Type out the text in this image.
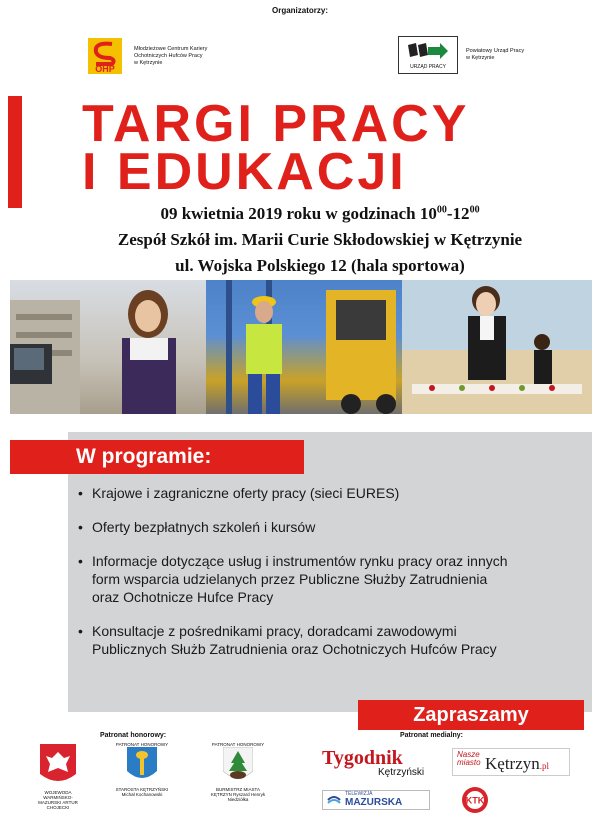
Organizatorzy:
OHP
Młodzieżowe Centrum Kariery
Ochotniczych Hufców Pracy
w Kętrzynie
URZĄD PRACY
Powiatowy Urząd Pracy
w Kętrzynie
TARGI PRACY
I EDUKACJI
09 kwietnia 2019 roku w godzinach $10^{00}-12^{00}$
Zespół Szkół im. Marii Curie Skłodowskiej w Kętrzynie
ul. Wojska Polskiego 12 (hala sportowa)
W programie:
• Krajowe i zagraniczne oferty pracy (sieci EURES)
• Oferty bezpłatnych szkoleń i kursów
• Informacje dotyczące usług i instrumentów rynku pracy oraz innych form wsparcia udzielanych przez Publiczne Służby Zatrudnienia oraz Ochotnicze Hufce Pracy
• Konsultacje z pośrednikami pracy, doradcami zawodowymi Publicznych Służb Zatrudnienia oraz Ochotniczych Hufców Pracy
Zapraszamy
Patronat honorowy:	Patronat medialny:
WOJEWODA WARMIŃSKO-MAZURSKI ARTUR CHOJECKI
PATRONAT HONOROWY
STAROSTA KĘTRZYŃSKI Michał Kochanowski
PATRONAT HONOROWY
BURMISTRZ MIASTA KĘTRZYN Ryszard Henryk Niedziółka
Tygodnik
Kętrzyński
Nasze miasto Kętrzyn.pl
TELEWIZJA
MAZURSKA	KTK
